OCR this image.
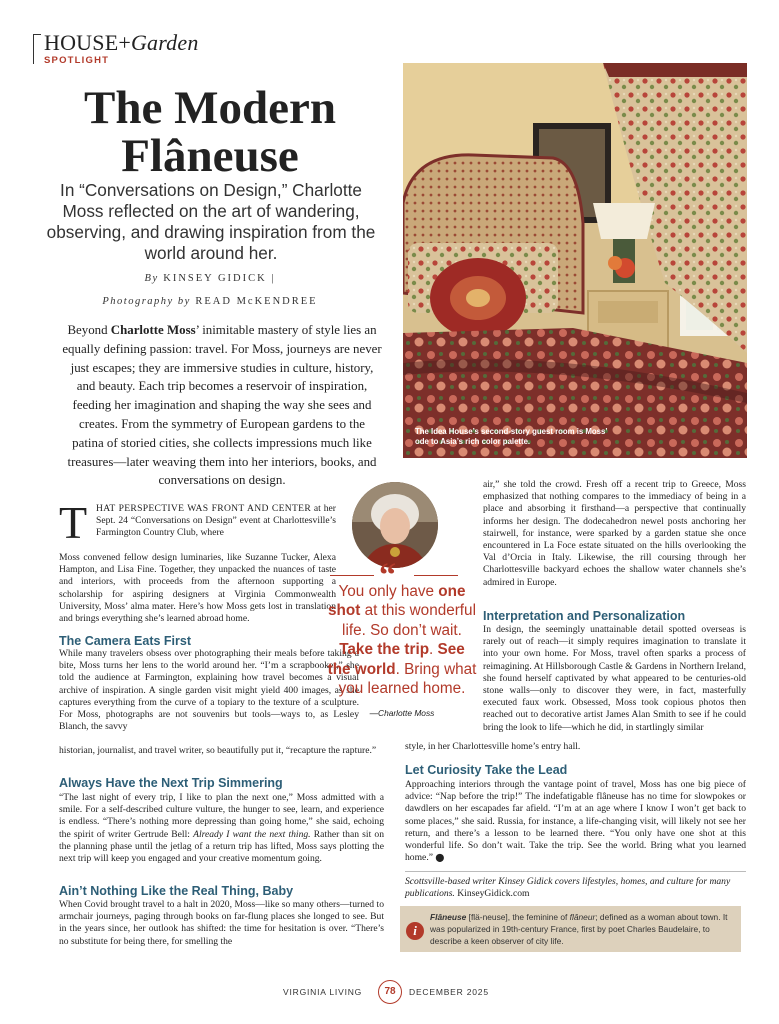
HOUSE+Garden
SPOTLIGHT
The Modern
Flâneuse
In “Conversations on Design,” Charlotte Moss reflected on the art of wandering, observing, and drawing inspiration from the world around her.
By KINSEY GIDICK |
Photography by READ McKENDREE
Beyond Charlotte Moss’ inimitable mastery of style lies an equally defining passion: travel. For Moss, journeys are never just escapes; they are immersive studies in culture, history, and beauty. Each trip becomes a reservoir of inspiration, feeding her imagination and shaping the way she sees and creates. From the symmetry of European gardens to the patina of storied cities, she collects impressions much like treasures—later weaving them into her interiors, books, and conversations on design.
The Idea House’s second-story guest room is Moss’ ode to Asia’s rich color palette.
T HAT PERSPECTIVE WAS FRONT AND CENTER at her Sept. 24 “Conversations on Design” event at Charlottesville’s Farmington Country Club, where
Moss convened fellow design luminaries, like Suzanne Tucker, Alexa Hampton, and Lisa Fine. Together, they unpacked the nuances of taste and interiors, with proceeds from the afternoon supporting a scholarship for aspiring designers at Virginia Commonwealth University, Moss’ alma mater. Here’s how Moss gets lost in translation and brings everything she’s learned abroad home.
The Camera Eats First
While many travelers obsess over photographing their meals before taking a bite, Moss turns her lens to the world around her. “I’m a scrapbooker,” she told the audience at Farmington, explaining how travel becomes a visual archive of inspiration. A single garden visit might yield 400 images, as she captures everything from the curve of a topiary to the texture of a sculpture. For Moss, photographs are not souvenirs but tools—ways to, as Lesley Blanch, the savvy
historian, journalist, and travel writer, so beautifully put it, “recapture the rapture.”
Always Have the Next Trip Simmering
“The last night of every trip, I like to plan the next one,” Moss admitted with a smile. For a self-described culture vulture, the hunger to see, learn, and experience is endless. “There’s nothing more depressing than going home,” she said, echoing the spirit of writer Gertrude Bell: Already I want the next thing. Rather than sit on the planning phase until the jetlag of a return trip has lifted, Moss says plotting the next trip will keep you engaged and your creative momentum going.
Ain’t Nothing Like the Real Thing, Baby
When Covid brought travel to a halt in 2020, Moss—like so many others—turned to armchair journeys, paging through books on far-flung places she longed to see. But in the years since, her outlook has shifted: the time for hesitation is over. “There’s no substitute for being there, for smelling the
“
You only have one shot at this wonderful life. So don’t wait. Take the trip. See the world. Bring what you learned home.
—Charlotte Moss
air,” she told the crowd. Fresh off a recent trip to Greece, Moss emphasized that nothing compares to the immediacy of being in a place and absorbing it firsthand—a perspective that continually informs her design. The dodecahedron newel posts anchoring her stairwell, for instance, were sparked by a garden statue she once encountered in La Foce estate situated on the hills overlooking the Val d’Orcia in Italy. Likewise, the rill coursing through her Charlottesville backyard echoes the shallow water channels she’s admired in Europe.
Interpretation and Personalization
In design, the seemingly unattainable detail spotted overseas is rarely out of reach—it simply requires imagination to translate it into your own home. For Moss, travel often sparks a process of reimagining. At Hillsborough Castle & Gardens in Northern Ireland, she found herself captivated by what appeared to be centuries-old stone walls—only to discover they were, in fact, masterfully executed faux work. Obsessed, Moss took copious photos then reached out to decorative artist James Alan Smith to see if he could bring the look to life—which he did, in startlingly similar
style, in her Charlottesville home’s entry hall.
Let Curiosity Take the Lead
Approaching interiors through the vantage point of travel, Moss has one big piece of advice: “Nap before the trip!” The indefatigable flâneuse has no time for slowpokes or dawdlers on her escapades far afield. “I’m at an age where I know I won’t get back to some places,” she said. Russia, for instance, a life-changing visit, will likely not see her return, and there’s a lesson to be learned there. “You only have one shot at this wonderful life. So don’t wait. Take the trip. See the world. Bring what you learned home.” ⬤
Scottsville-based writer Kinsey Gidick covers lifestyles, homes, and culture for many publications. KinseyGidick.com
i
Flâneuse [flä-neuse], the feminine of flâneur; defined as a woman about town. It was popularized in 19th-century France, first by poet Charles Baudelaire, to describe a keen observer of city life.
VIRGINIA LIVING	78	DECEMBER 2025
